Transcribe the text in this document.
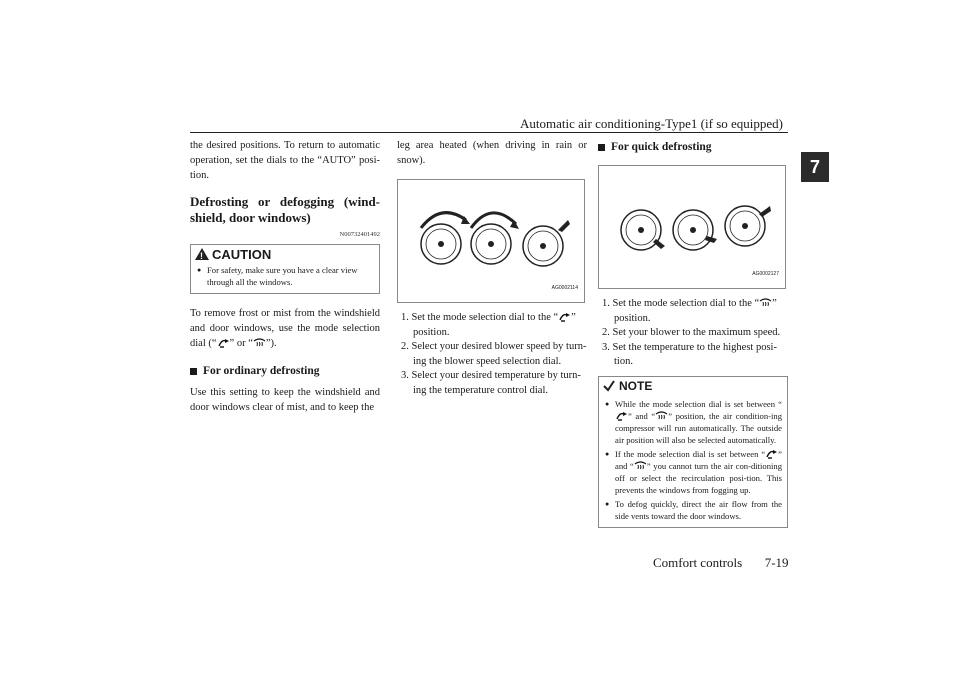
Automatic air conditioning-Type1 (if so equipped)
7

the desired positions. To return to automatic operation, set the dials to the “AUTO” posi-tion.

Defrosting or defogging (wind-shield, door windows)
N00732401492
!
CAUTION
● For safety, make sure you have a clear view through all the windows.

To remove frost or mist from the windshield and door windows, use the mode selection dial (“ ” or “ ”).

For ordinary defrosting

Use this setting to keep the windshield and door windows clear of mist, and to keep the

leg area heated (when driving in rain or snow).

AG0002114
1. Set the mode selection dial to the “ ” position.
2. Select your desired blower speed by turn-ing the blower speed selection dial.
3. Select your desired temperature by turn-ing the temperature control dial.
For quick defrosting
AG0002127
1. Set the mode selection dial to the “ ” position.
2. Set your blower to the maximum speed.
3. Set the temperature to the highest posi-tion.
NOTE
● While the mode selection dial is set between “” and “ ” position, the air condition-ing compressor will run automatically. The outside air position will also be selected automatically.
● If the mode selection dial is set between “ ” and “ ” you cannot turn the air con-ditioning off or select the recirculation posi-tion. This prevents the windows from fogging up.
● To defog quickly, direct the air flow from the side vents toward the door windows.
Comfort controls 7-19
